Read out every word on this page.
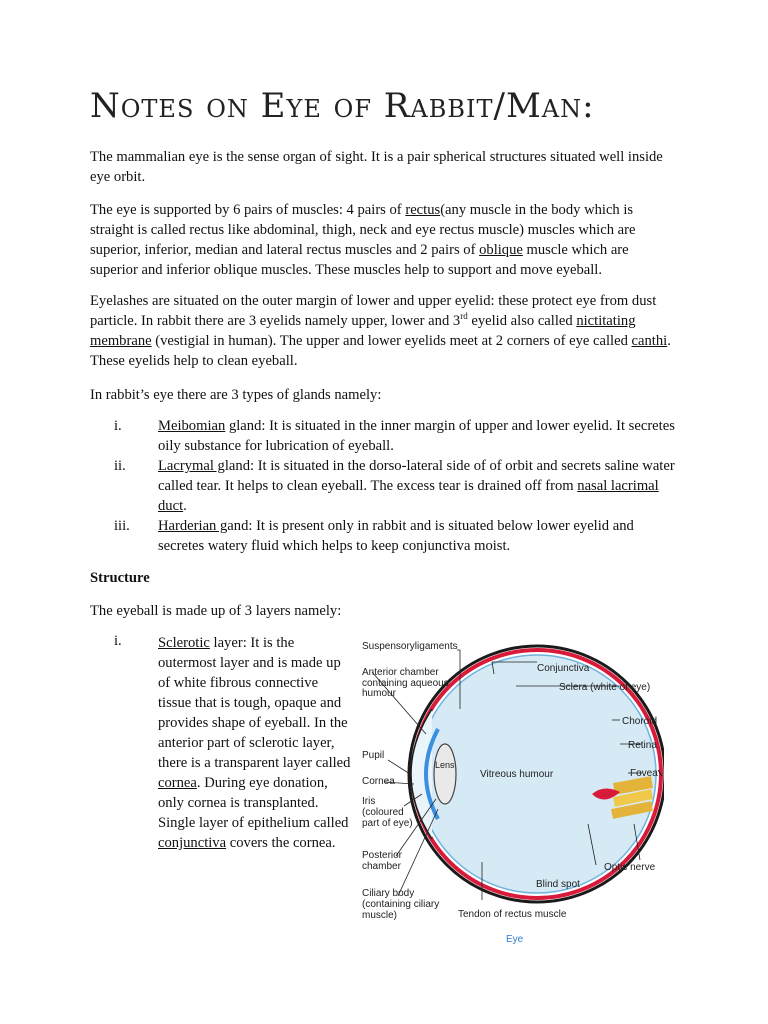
Notes on Eye of Rabbit/Man:

The mammalian eye is the sense organ of sight. It is a pair spherical structures situated well inside eye orbit.

The eye is supported by 6 pairs of muscles: 4 pairs of rectus(any muscle in the body which is straight is called rectus like abdominal, thigh, neck and eye rectus muscle) muscles which are superior, inferior, median and lateral rectus muscles and 2 pairs of oblique muscle which are superior and inferior oblique muscles. These muscles help to support and move eyeball.

Eyelashes are situated on the outer margin of lower and upper eyelid: these protect eye from dust particle. In rabbit there are 3 eyelids namely upper, lower and 3rd eyelid also called nictitating membrane (vestigial in human). The upper and lower eyelids meet at 2 corners of eye called canthi. These eyelids help to clean eyeball.

In rabbit’s eye there are 3 types of glands namely:

i. Meibomian gland: It is situated in the inner margin of upper and lower eyelid. It secretes oily substance for lubrication of eyeball.
ii. Lacrymal gland: It is situated in the dorso-lateral side of of orbit and secrets saline water called tear. It helps to clean eyeball. The excess tear is drained off from nasal lacrimal duct.
iii. Harderian gand: It is present only in rabbit and is situated below lower eyelid and secretes watery fluid which helps to keep conjunctiva moist.
Structure

The eyeball is made up of 3 layers namely:

i. Sclerotic layer: It is the outermost layer and is made up of white fibrous connective tissue that is tough, opaque and provides shape of eyeball. In the anterior part of sclerotic layer, there is a transparent layer called cornea. During eye donation, only cornea is transplanted. Single layer of epithelium called conjunctiva covers the cornea.
Suspensoryligaments
Anterior chamber
containing aqueous
humour
Conjunctiva
Sclera (white of eye)
Choroid
Retina
Fovea
Pupil
Lens
Vitreous humour
Cornea
Iris
(coloured
part of eye)
Posterior
chamber	Optic nerve
Blind spot
Ciliary body
(containing ciliary
muscle)	Tendon of rectus muscle
Eye
